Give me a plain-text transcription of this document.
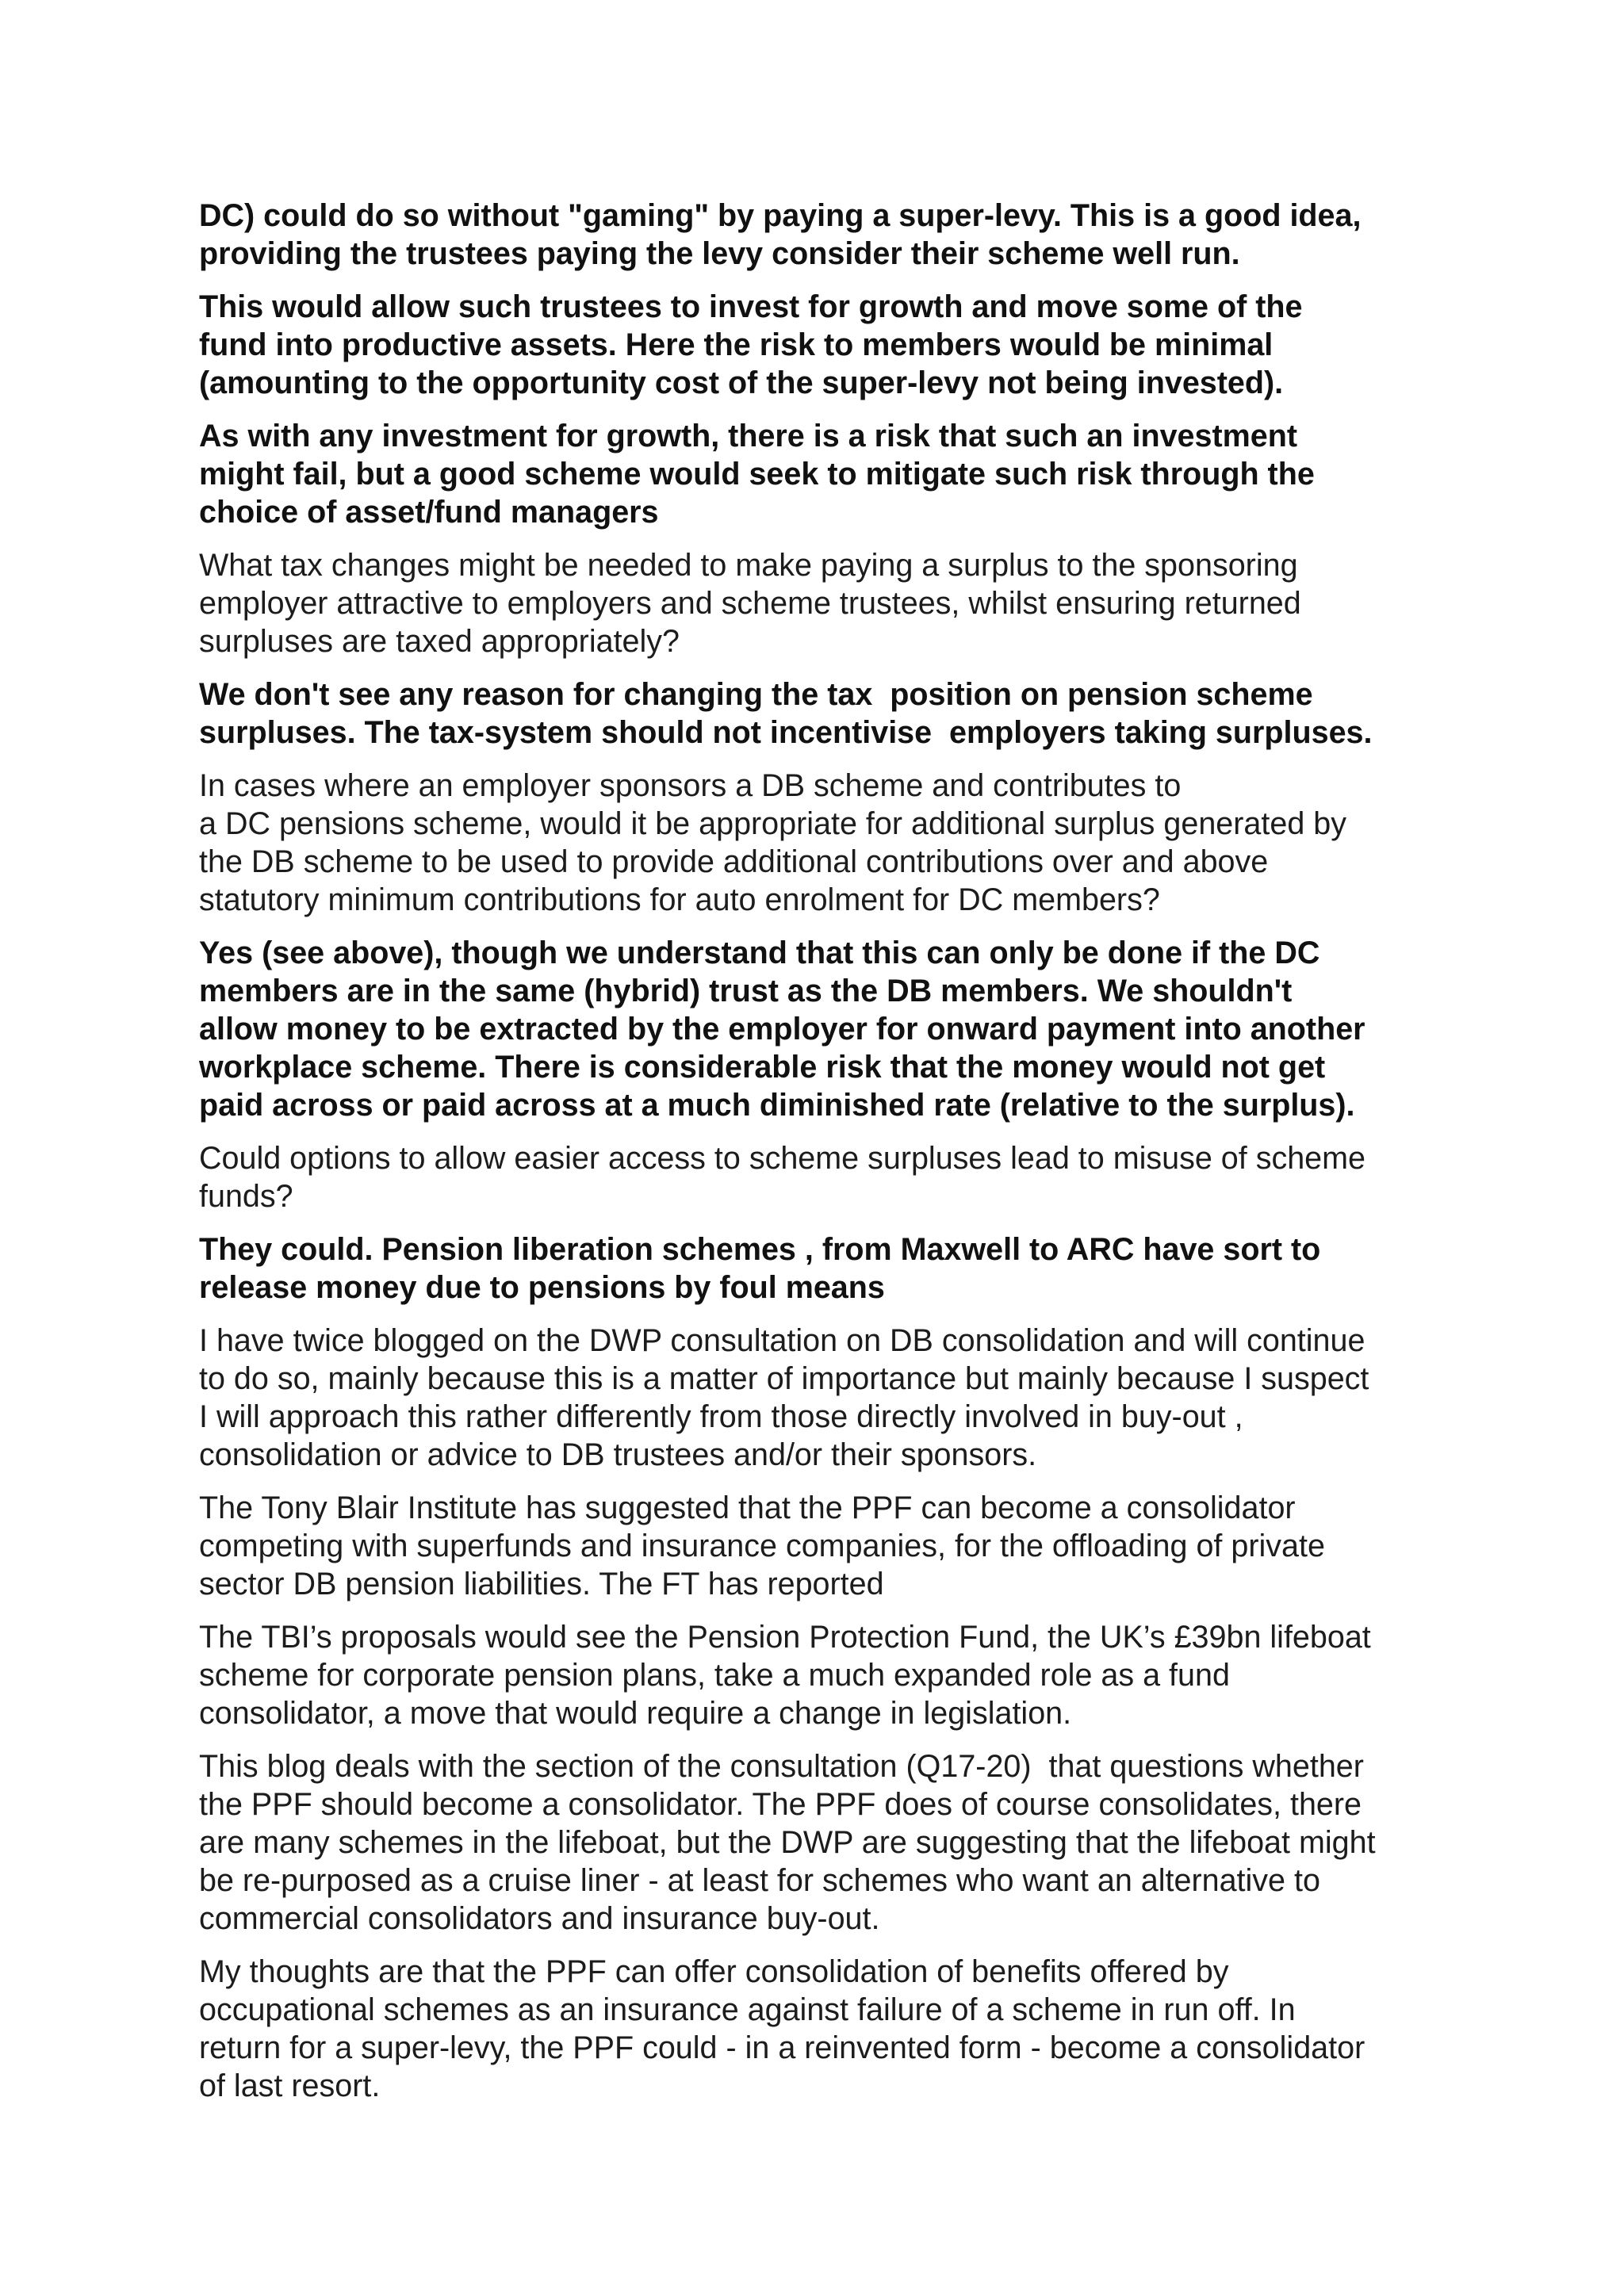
DC) could do so without "gaming" by paying a super-levy. This is a good idea,
providing the trustees paying the levy consider their scheme well run.

This would allow such trustees to invest for growth and move some of the
fund into productive assets. Here the risk to members would be minimal
(amounting to the opportunity cost of the super-levy not being invested).

As with any investment for growth, there is a risk that such an investment
might fail, but a good scheme would seek to mitigate such risk through the
choice of asset/fund managers

What tax changes might be needed to make paying a surplus to the sponsoring
employer attractive to employers and scheme trustees, whilst ensuring returned
surpluses are taxed appropriately?

We don't see any reason for changing the tax  position on pension scheme
surpluses. The tax-system should not incentivise  employers taking surpluses.

In cases where an employer sponsors a DB scheme and contributes to
a DC pensions scheme, would it be appropriate for additional surplus generated by
the DB scheme to be used to provide additional contributions over and above
statutory minimum contributions for auto enrolment for DC members?

Yes (see above), though we understand that this can only be done if the DC
members are in the same (hybrid) trust as the DB members. We shouldn't
allow money to be extracted by the employer for onward payment into another
workplace scheme. There is considerable risk that the money would not get
paid across or paid across at a much diminished rate (relative to the surplus).

Could options to allow easier access to scheme surpluses lead to misuse of scheme
funds?

They could. Pension liberation schemes , from Maxwell to ARC have sort to
release money due to pensions by foul means

I have twice blogged on the DWP consultation on DB consolidation and will continue
to do so, mainly because this is a matter of importance but mainly because I suspect
I will approach this rather differently from those directly involved in buy-out ,
consolidation or advice to DB trustees and/or their sponsors.

The Tony Blair Institute has suggested that the PPF can become a consolidator
competing with superfunds and insurance companies, for the offloading of private
sector DB pension liabilities. The FT has reported

The TBI’s proposals would see the Pension Protection Fund, the UK’s £39bn lifeboat
scheme for corporate pension plans, take a much expanded role as a fund
consolidator, a move that would require a change in legislation.

This blog deals with the section of the consultation (Q17-20)  that questions whether
the PPF should become a consolidator. The PPF does of course consolidates, there
are many schemes in the lifeboat, but the DWP are suggesting that the lifeboat might
be re-purposed as a cruise liner - at least for schemes who want an alternative to
commercial consolidators and insurance buy-out.

My thoughts are that the PPF can offer consolidation of benefits offered by
occupational schemes as an insurance against failure of a scheme in run off. In
return for a super-levy, the PPF could - in a reinvented form - become a consolidator
of last resort.
